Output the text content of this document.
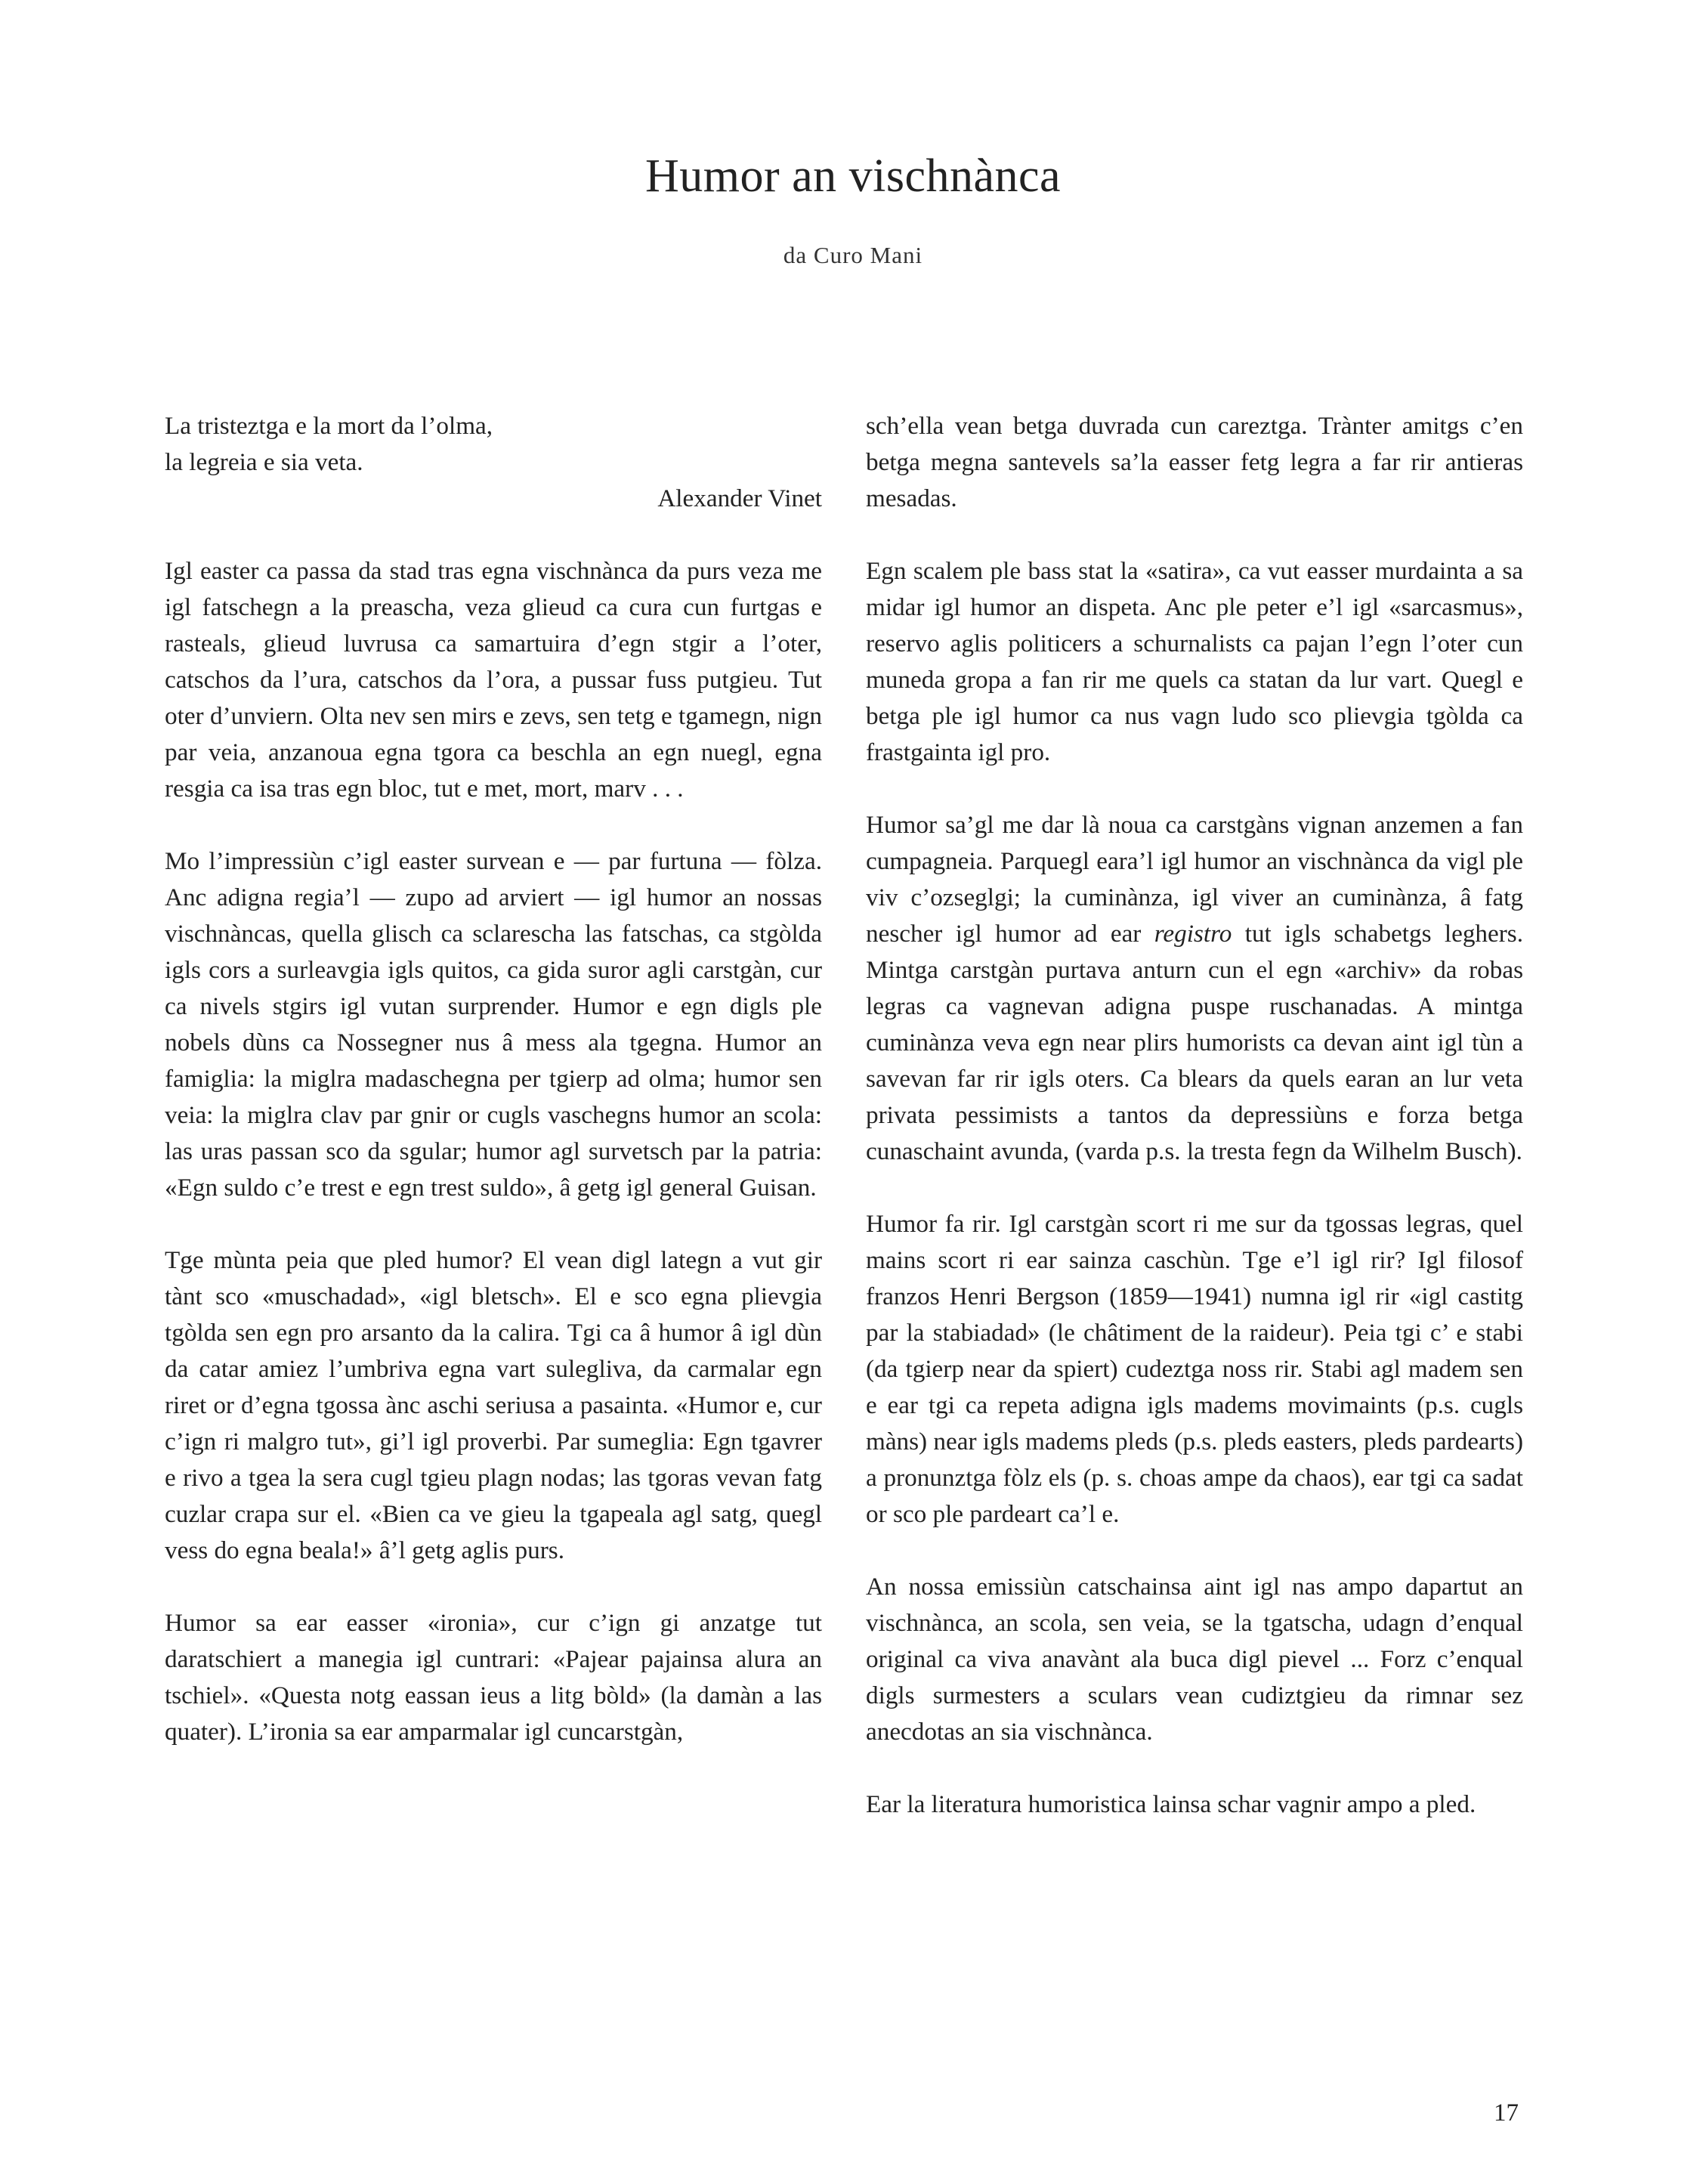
Humor an vischnànca
da Curo Mani
La tristeztga e la mort da l’olma,
la legreia e sia veta.
Alexander Vinet

Igl easter ca passa da stad tras egna vischnànca da purs veza me igl fatschegn a la preascha, veza glieud ca cura cun furtgas e rasteals, glieud luvrusa ca samartuira d’egn stgir a l’oter, catschos da l’ura, catschos da l’ora, a pussar fuss putgieu. Tut oter d’unviern. Olta nev sen mirs e zevs, sen tetg e tgamegn, nign par veia, anzanoua egna tgora ca beschla an egn nuegl, egna resgia ca isa tras egn bloc, tut e met, mort, marv . . .

Mo l’impressiùn c’igl easter survean e — par furtuna — fòlza. Anc adigna regia’l — zupo ad arviert — igl humor an nossas vischnàncas, quella glisch ca sclarescha las fatschas, ca stgòlda igls cors a surleavgia igls quitos, ca gida suror agli carstgàn, cur ca nivels stgirs igl vutan surprender. Humor e egn digls ple nobels dùns ca Nossegner nus â mess ala tgegna. Humor an famiglia: la miglra madaschegna per tgierp ad olma; humor sen veia: la miglra clav par gnir or cugls vaschegns humor an scola: las uras passan sco da sgular; humor agl survetsch par la patria: «Egn suldo c’e trest e egn trest suldo», â getg igl general Guisan.

Tge mùnta peia que pled humor? El vean digl lategn a vut gir tànt sco «muschadad», «igl bletsch». El e sco egna plievgia tgòlda sen egn pro arsanto da la calira. Tgi ca â humor â igl dùn da catar amiez l’umbriva egna vart sulegliva, da carmalar egn riret or d’egna tgossa ànc aschi seriusa a pasainta. «Humor e, cur c’ign ri malgro tut», gi’l igl proverbi. Par sumeglia: Egn tgavrer e rivo a tgea la sera cugl tgieu plagn nodas; las tgoras vevan fatg cuzlar crapa sur el. «Bien ca ve gieu la tgapeala agl satg, quegl vess do egna beala!» â’l getg aglis purs.

Humor sa ear easser «ironia», cur c’ign gi anzatge tut daratschiert a manegia igl cuntrari: «Pajear pajainsa alura an tschiel». «Questa notg eassan ieus a litg bòld» (la damàn a las quater). L’ironia sa ear amparmalar igl cuncarstgàn,

sch’ella vean betga duvrada cun careztga. Trànter amitgs c’en betga megna santevels sa’la easser fetg legra a far rir antieras mesadas.

Egn scalem ple bass stat la «satira», ca vut easser murdainta a sa midar igl humor an dispeta. Anc ple peter e’l igl «sarcasmus», reservo aglis politicers a schurnalists ca pajan l’egn l’oter cun muneda gropa a fan rir me quels ca statan da lur vart. Quegl e betga ple igl humor ca nus vagn ludo sco plievgia tgòlda ca frastgainta igl pro.

Humor sa’gl me dar là noua ca carstgàns vignan anzemen a fan cumpagneia. Parquegl eara’l igl humor an vischnànca da vigl ple viv c’ozseglgi; la cuminànza, igl viver an cuminànza, â fatg nescher igl humor ad ear registro tut igls schabetgs leghers. Mintga carstgàn purtava anturn cun el egn «archiv» da robas legras ca vagnevan adigna puspe ruschanadas. A mintga cuminànza veva egn near plirs humorists ca devan aint igl tùn a savevan far rir igls oters. Ca blears da quels earan an lur veta privata pessimists a tantos da depressiùns e forza betga cunaschaint avunda, (varda p.s. la tresta fegn da Wilhelm Busch).

Humor fa rir. Igl carstgàn scort ri me sur da tgossas legras, quel mains scort ri ear sainza caschùn. Tge e’l igl rir? Igl filosof franzos Henri Bergson (1859—1941) numna igl rir «igl castitg par la stabiadad» (le châtiment de la raideur). Peia tgi c’ e stabi (da tgierp near da spiert) cudeztga noss rir. Stabi agl madem sen e ear tgi ca repeta adigna igls madems movimaints (p.s. cugls màns) near igls madems pleds (p.s. pleds easters, pleds pardearts) a pronunztga fòlz els (p. s. choas ampe da chaos), ear tgi ca sadat or sco ple pardeart ca’l e.

An nossa emissiùn catschainsa aint igl nas ampo dapartut an vischnànca, an scola, sen veia, se la tgatscha, udagn d’enqual original ca viva anavànt ala buca digl pievel ... Forz c’enqual digls surmesters a sculars vean cudiztgieu da rimnar sez anecdotas an sia vischnànca.

Ear la literatura humoristica lainsa schar vagnir ampo a pled.

17
